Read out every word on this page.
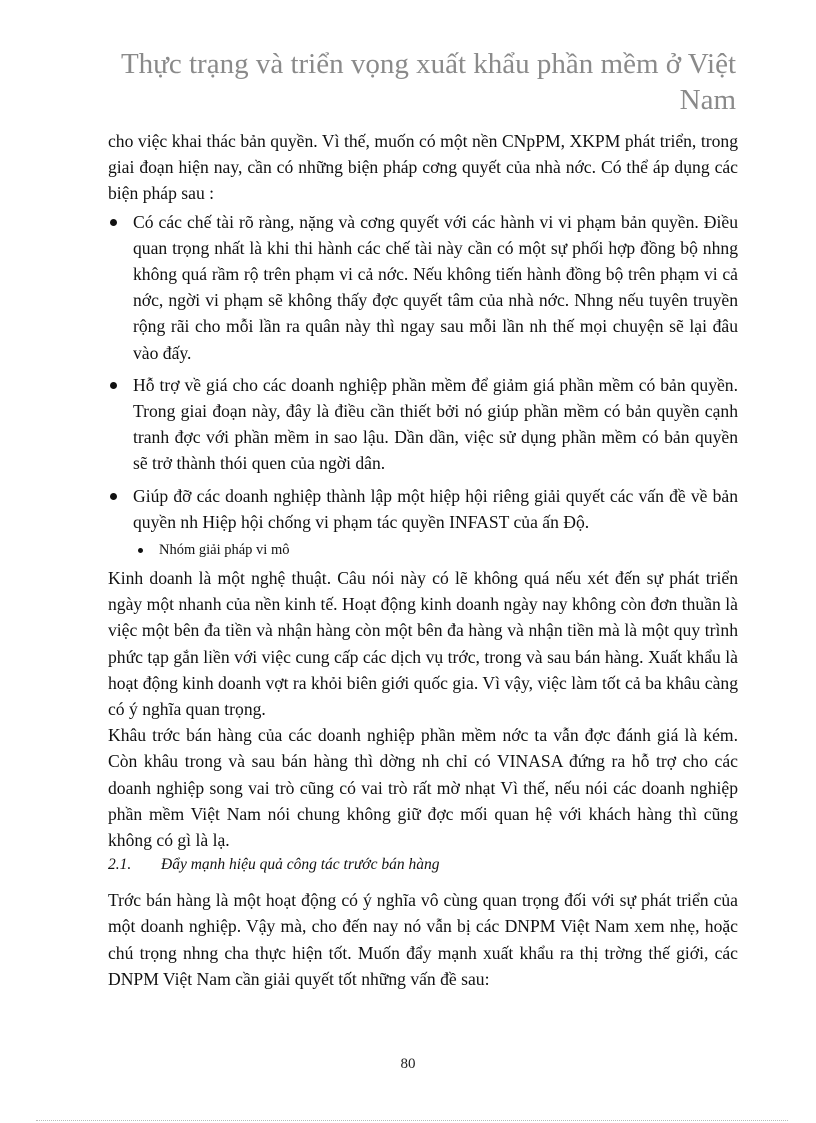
Thực trạng và triển vọng xuất khẩu phần mềm ở Việt Nam

cho việc khai thác bản quyền. Vì thế, muốn có một nền CNpPM, XKPM phát triển, trong giai đoạn hiện nay, cần có những biện pháp cơng quyết của nhà nớc. Có thể áp dụng các biện pháp sau :

Có các chế tài rõ ràng, nặng và cơng quyết với các hành vi vi phạm bản quyền. Điều quan trọng nhất là khi thi hành các chế tài này cần có một sự phối hợp đồng bộ nhng không quá rầm rộ trên phạm vi cả nớc. Nếu không tiến hành đồng bộ trên phạm vi cả nớc, ngời vi phạm sẽ không thấy đợc quyết tâm của nhà nớc. Nhng nếu tuyên truyền rộng rãi cho mỗi lần ra quân này thì ngay sau mỗi lần nh thế mọi chuyện sẽ lại đâu vào đấy.
Hỗ trợ về giá cho các doanh nghiệp phần mềm để giảm giá phần mềm có bản quyền. Trong giai đoạn này, đây là điều cần thiết bởi nó giúp phần mềm có bản quyền cạnh tranh đợc với phần mềm in sao lậu. Dần dần, việc sử dụng phần mềm có bản quyền sẽ trở thành thói quen của ngời dân.
Giúp đỡ các doanh nghiệp thành lập một hiệp hội riêng giải quyết các vấn đề về bản quyền nh Hiệp hội chống vi phạm tác quyền INFAST của ấn Độ.
Nhóm giải pháp vi mô

Kinh doanh là một nghệ thuật. Câu nói này có lẽ không quá nếu xét đến sự phát triển ngày một nhanh của nền kinh tế. Hoạt động kinh doanh ngày nay không còn đơn thuần là việc một bên đa tiền và nhận hàng còn một bên đa hàng và nhận tiền mà là một quy trình phức tạp gắn liền với việc cung cấp các dịch vụ trớc, trong và sau bán hàng. Xuất khẩu là hoạt động kinh doanh vợt ra khỏi biên giới quốc gia. Vì vậy, việc làm tốt cả ba khâu càng có ý nghĩa quan trọng.

Khâu trớc bán hàng của các doanh nghiệp phần mềm nớc ta vẫn đợc đánh giá là kém. Còn khâu trong và sau bán hàng thì dờng nh chỉ có VINASA đứng ra hỗ trợ cho các doanh nghiệp song vai trò cũng có vai trò rất mờ nhạt Vì thế, nếu nói các doanh nghiệp phần mềm Việt Nam nói chung không giữ đợc mối quan hệ với khách hàng thì cũng không có gì là lạ.

2.1.	Đẩy mạnh hiệu quả công tác trước bán hàng

Trớc bán hàng là một hoạt động có ý nghĩa vô cùng quan trọng đối với sự phát triển của một doanh nghiệp. Vậy mà, cho đến nay nó vẫn bị các DNPM Việt Nam xem nhẹ, hoặc chú trọng nhng cha thực hiện tốt. Muốn đẩy mạnh xuất khẩu ra thị trờng thế giới, các DNPM Việt Nam cần giải quyết tốt những vấn đề sau:

80
